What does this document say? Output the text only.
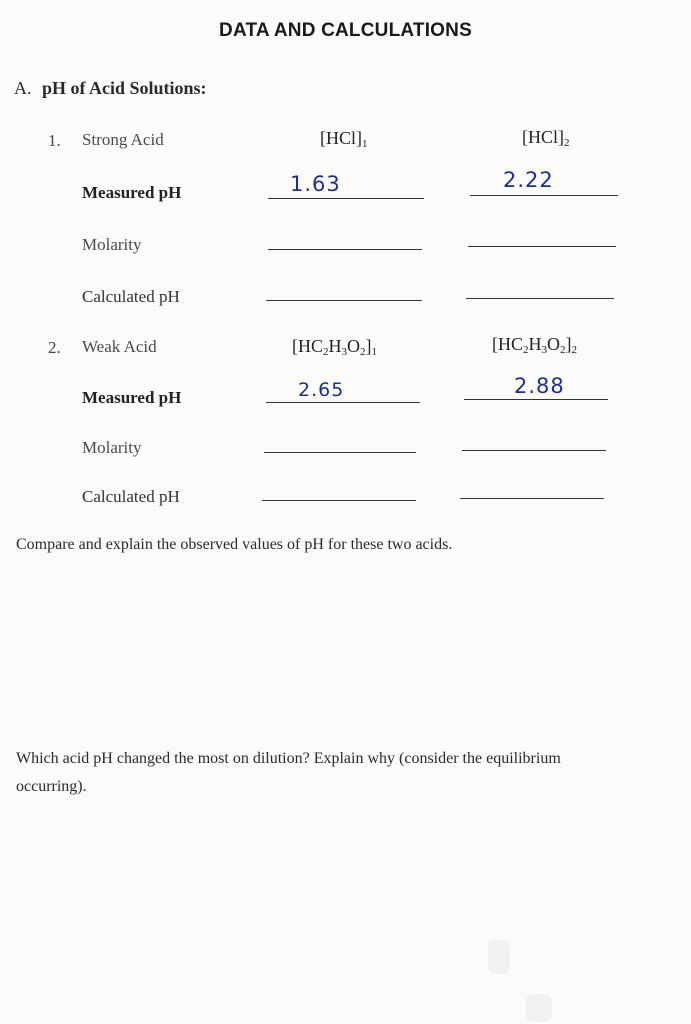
DATA AND CALCULATIONS
A. pH of Acid Solutions:
1. Strong Acid	$[HCl]_1$	$[HCl]_2$
Measured pH	1.63	2.22
Molarity
Calculated pH
2. Weak Acid	$[HC_2H_3O_2]_1$	$[HC_2H_3O_2]_2$
Measured pH	2.65	2.88
Molarity
Calculated pH
Compare and explain the observed values of pH for these two acids.
Which acid pH changed the most on dilution? Explain why (consider the equilibrium
occurring).
